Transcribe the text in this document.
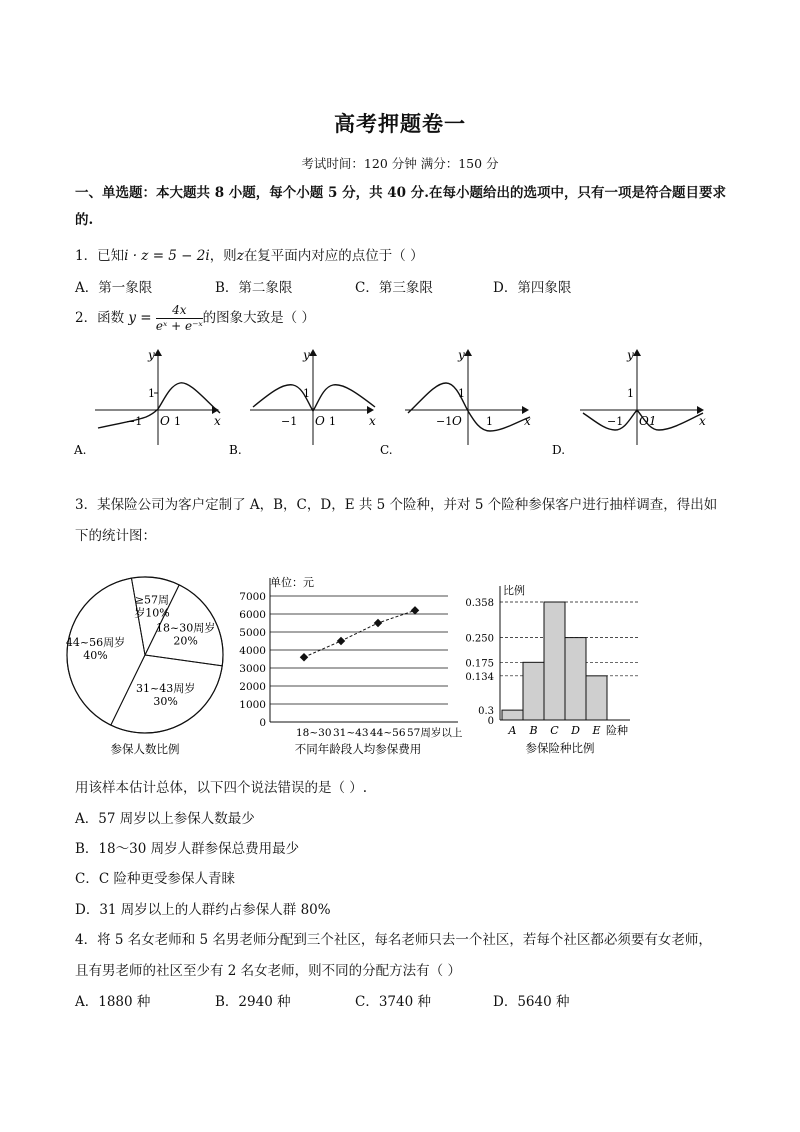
高考押题卷一
考试时间：120 分钟 满分：150 分
一、单选题：本大题共 8 小题，每个小题 5 分，共 40 分.在每小题给出的选项中，只有一项是符合题目要求的.
1．已知i · z = 5 − 2i，则z在复平面内对应的点位于（ ）
A．第一象限	B．第二象限	C．第三象限	D．第四象限
2．函数 $y = \frac{4x}{\text{eˣ + e⁻ˣ}}$ 的图象大致是（ ）
y
x
1
−1 O 1
A.
y
x
1
−1 O 1
B.
y
x
1
−1 O 1
C.
y
x
1
−1 O1
D.
3．某保险公司为客户定制了 A，B，C，D，E 共 5 个险种，并对 5 个险种参保客户进行抽样调查，得出如
下的统计图：
≥57周岁10%
18~30周岁 20%
31~43周岁 30%
44~56周岁 40%
参保人数比例
0
1000
2000
3000
4000
5000
6000
7000
单位：元
18~30 31~43 44~56 57周岁以上
不同年龄段人均参保费用
比例
险种
0
0.3
0.134
0.175
0.250
0.358
A B C D E
参保险种比例
用该样本估计总体，以下四个说法错误的是（ ）.
A．57 周岁以上参保人数最少
B．18～30 周岁人群参保总费用最少
C．C 险种更受参保人青睐
D．31 周岁以上的人群约占参保人群 80%
4．将 5 名女老师和 5 名男老师分配到三个社区，每名老师只去一个社区，若每个社区都必须要有女老师，
且有男老师的社区至少有 2 名女老师，则不同的分配方法有（ ）
A．1880 种	B．2940 种	C．3740 种	D．5640 种
